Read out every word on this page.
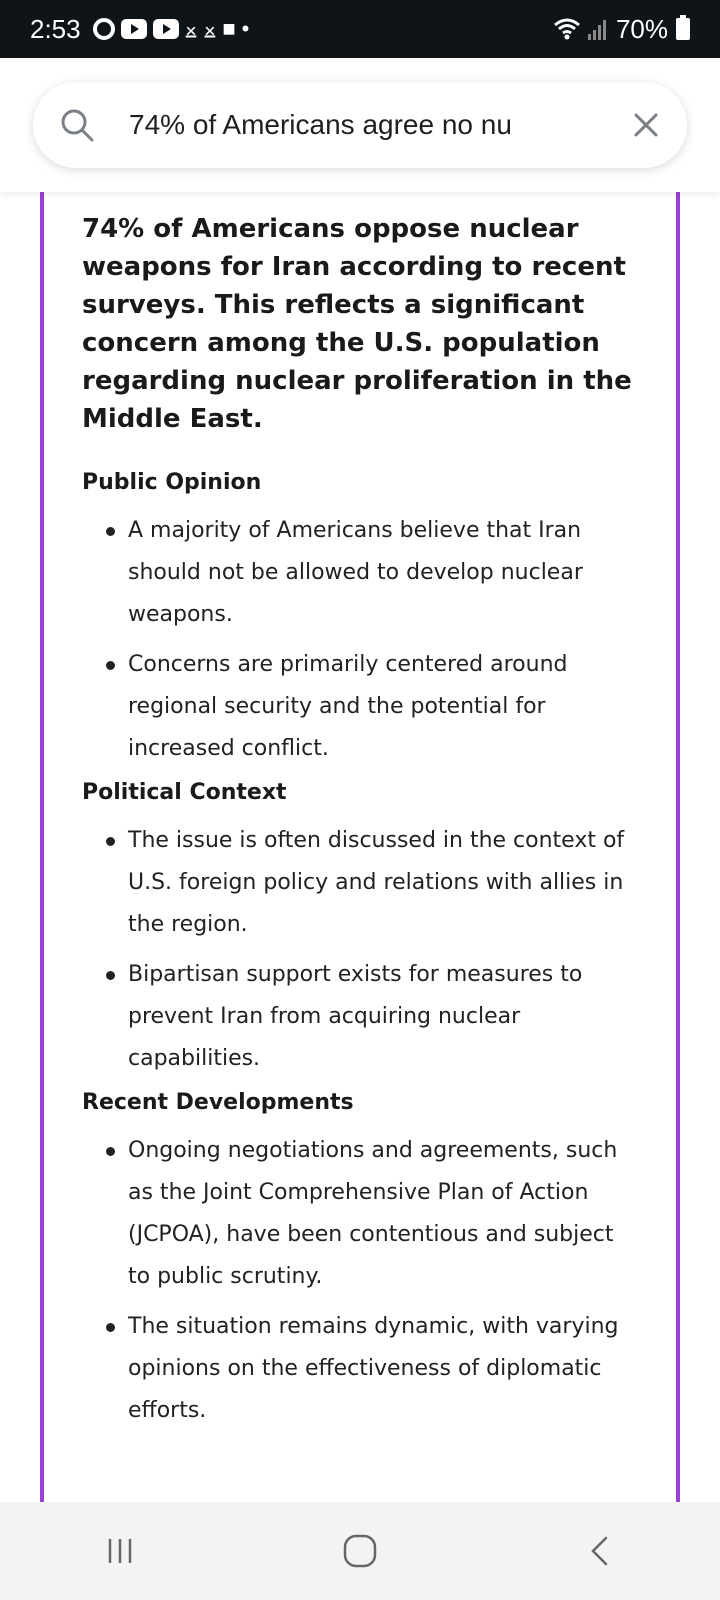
2:53	⨱ ⨱ ■ •	70%
74% of Americans agree no nu

74% of Americans oppose nuclear weapons for Iran according to recent surveys. This reflects a significant concern among the U.S. population regarding nuclear proliferation in the Middle East.

Public Opinion
A majority of Americans believe that Iran should not be allowed to develop nuclear weapons.
Concerns are primarily centered around regional security and the potential for increased conflict.
Political Context
The issue is often discussed in the context of U.S. foreign policy and relations with allies in the region.
Bipartisan support exists for measures to prevent Iran from acquiring nuclear capabilities.
Recent Developments
Ongoing negotiations and agreements, such as the Joint Comprehensive Plan of Action (JCPOA), have been contentious and subject to public scrutiny.
The situation remains dynamic, with varying opinions on the effectiveness of diplomatic efforts.
